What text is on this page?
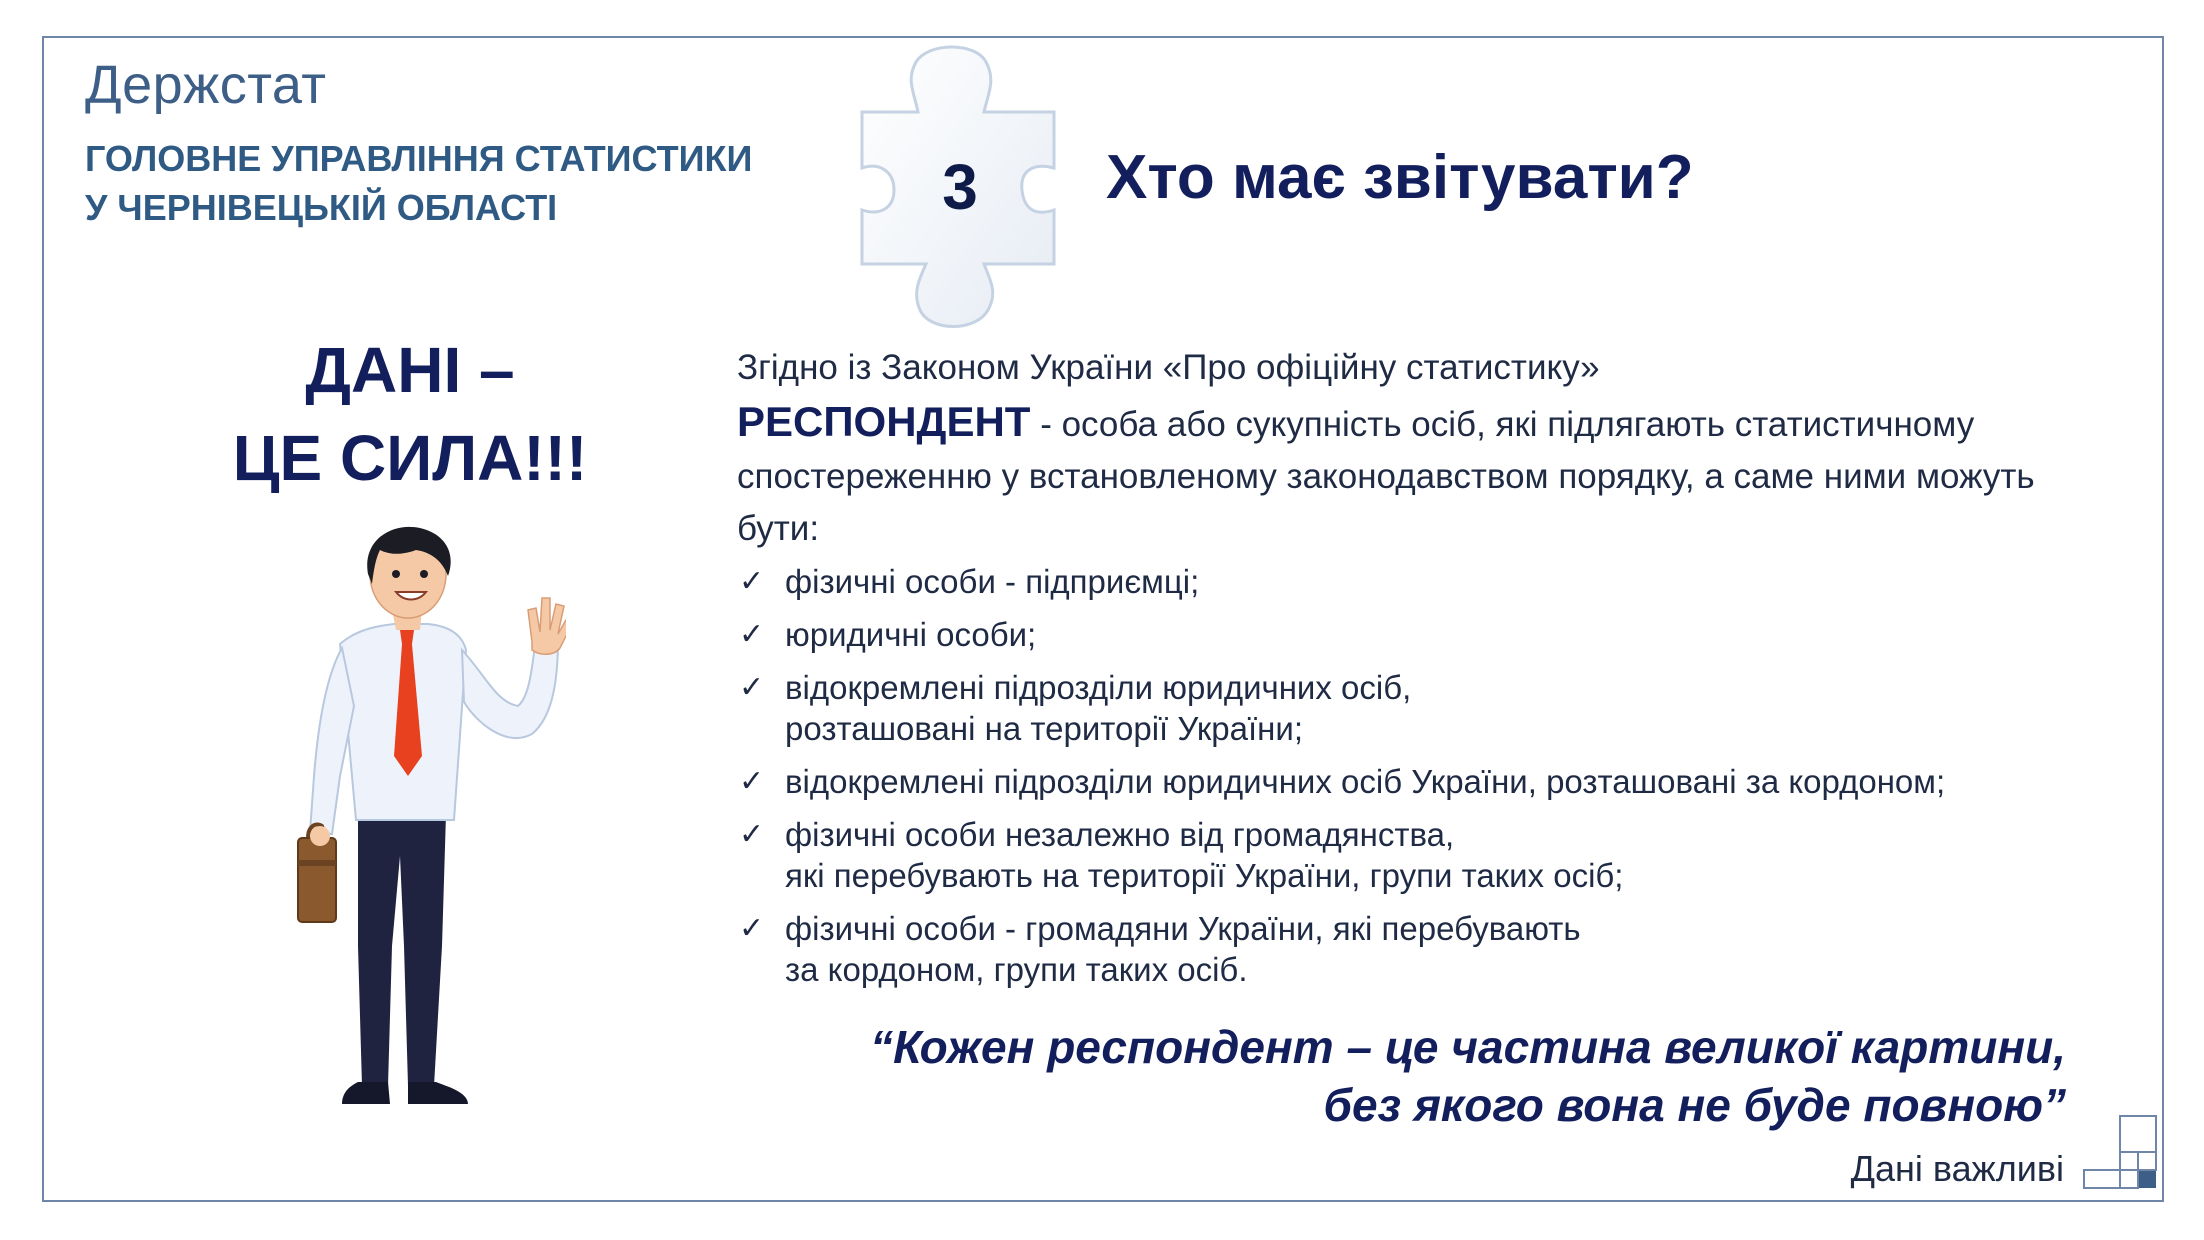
Держстат
ГОЛОВНЕ УПРАВЛІННЯ СТАТИСТИКИ
У ЧЕРНІВЕЦЬКІЙ ОБЛАСТІ	3 Хто має звітувати?
ДАНІ –
ЦЕ СИЛА!!!
Згідно із Законом України «Про офіційну статистику»
РЕСПОНДЕНТ - особа або сукупність осіб, які підлягають статистичному спостереженню у встановленому законодавством порядку, а саме ними можуть бути:
✓ фізичні особи - підприємці;
✓ юридичні особи;
✓ відокремлені підрозділи юридичних осіб,
розташовані на території України;
✓ відокремлені підрозділи юридичних осіб України, розташовані за кордоном;
✓ фізичні особи незалежно від громадянства,
які перебувають на території України, групи таких осіб;
✓ фізичні особи - громадяни України, які перебувають
за кордоном, групи таких осіб.
“Кожен респондент – це частина великої картини,
без якого вона не буде повною”
Дані важливі
